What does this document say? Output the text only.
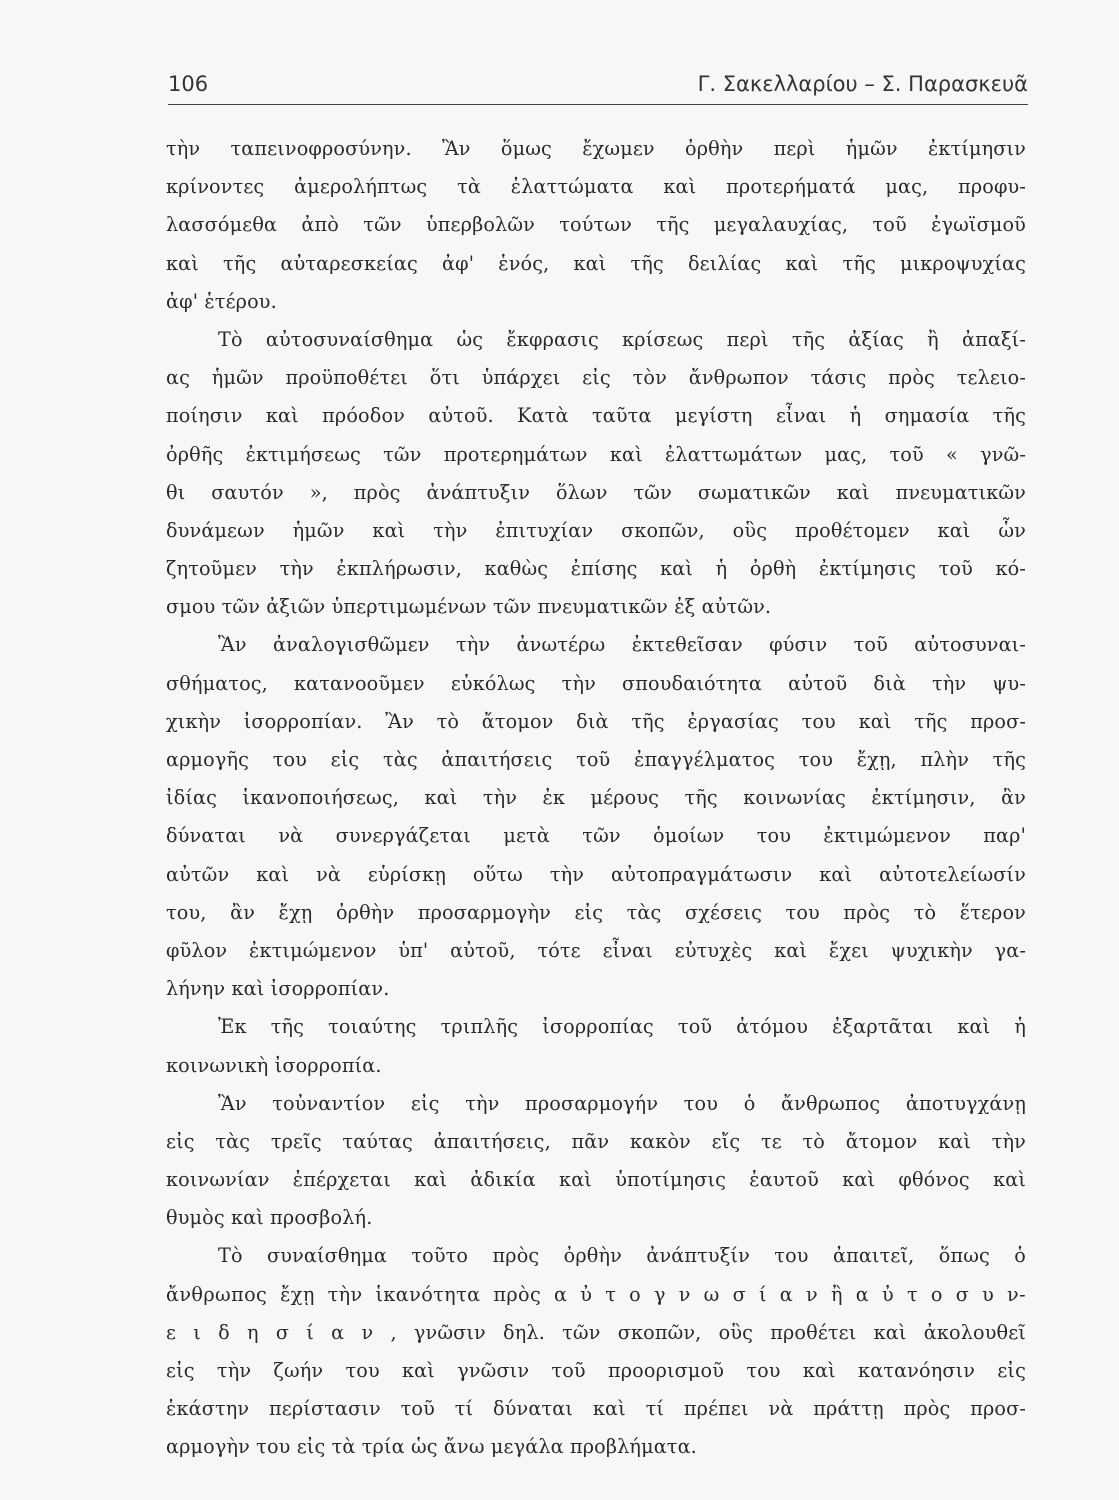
106	Γ. Σακελλαρίου – Σ. Παρασκευᾶ
τὴν ταπεινοφροσύνην. Ἂν ὅμως ἔχωμεν ὀρθὴν περὶ ἡμῶν ἐκτίμησιν
κρίνοντες ἀμερολήπτως τὰ ἐλαττώματα καὶ προτερήματά μας, προφυ-
λασσόμεθα ἀπὸ τῶν ὑπερβολῶν τούτων τῆς μεγαλαυχίας, τοῦ ἐγωϊσμοῦ
καὶ τῆς αὐταρεσκείας ἀφ' ἑνός, καὶ τῆς δειλίας καὶ τῆς μικροψυχίας
ἀφ' ἑτέρου.
Τὸ αὐτοσυναίσθημα ὡς ἔκφρασις κρίσεως περὶ τῆς ἀξίας ἢ ἀπαξί-
ας ἡμῶν προϋποθέτει ὅτι ὑπάρχει εἰς τὸν ἄνθρωπον τάσις πρὸς τελειο-
ποίησιν καὶ πρόοδον αὐτοῦ. Κατὰ ταῦτα μεγίστη εἶναι ἡ σημασία τῆς
ὀρθῆς ἐκτιμήσεως τῶν προτερημάτων καὶ ἐλαττωμάτων μας, τοῦ « γνῶ-
θι σαυτόν », πρὸς ἀνάπτυξιν ὅλων τῶν σωματικῶν καὶ πνευματικῶν
δυνάμεων ἡμῶν καὶ τὴν ἐπιτυχίαν σκοπῶν, οὓς προθέτομεν καὶ ὧν
ζητοῦμεν τὴν ἐκπλήρωσιν, καθὼς ἐπίσης καὶ ἡ ὀρθὴ ἐκτίμησις τοῦ κό-
σμου τῶν ἀξιῶν ὑπερτιμωμένων τῶν πνευματικῶν ἐξ αὐτῶν.
Ἂν ἀναλογισθῶμεν τὴν ἀνωτέρω ἐκτεθεῖσαν φύσιν τοῦ αὐτοσυναι-
σθήματος, κατανοοῦμεν εὐκόλως τὴν σπουδαιότητα αὐτοῦ διὰ τὴν ψυ-
χικὴν ἰσορροπίαν. Ἂν τὸ ἄτομον διὰ τῆς ἐργασίας του καὶ τῆς προσ-
αρμογῆς του εἰς τὰς ἀπαιτήσεις τοῦ ἐπαγγέλματος του ἔχῃ, πλὴν τῆς
ἰδίας ἱκανοποιήσεως, καὶ τὴν ἐκ μέρους τῆς κοινωνίας ἐκτίμησιν, ἂν
δύναται νὰ συνεργάζεται μετὰ τῶν ὁμοίων του ἐκτιμώμενον παρ'
αὐτῶν καὶ νὰ εὑρίσκῃ οὕτω τὴν αὐτοπραγμάτωσιν καὶ αὐτοτελείωσίν
του, ἂν ἔχῃ ὀρθὴν προσαρμογὴν εἰς τὰς σχέσεις του πρὸς τὸ ἕτερον
φῦλον ἐκτιμώμενον ὑπ' αὐτοῦ, τότε εἶναι εὐτυχὲς καὶ ἔχει ψυχικὴν γα-
λήνην καὶ ἰσορροπίαν.
Ἐκ τῆς τοιαύτης τριπλῆς ἰσορροπίας τοῦ ἀτόμου ἐξαρτᾶται καὶ ἡ
κοινωνικὴ ἰσορροπία.
Ἂν τοὐναντίον εἰς τὴν προσαρμογήν του ὁ ἄνθρωπος ἀποτυγχάνῃ
εἰς τὰς τρεῖς ταύτας ἀπαιτήσεις, πᾶν κακὸν εἴς τε τὸ ἄτομον καὶ τὴν
κοινωνίαν ἐπέρχεται καὶ ἀδικία καὶ ὑποτίμησις ἑαυτοῦ καὶ φθόνος καὶ
θυμὸς καὶ προσβολή.
Τὸ συναίσθημα τοῦτο πρὸς ὀρθὴν ἀνάπτυξίν του ἀπαιτεῖ, ὅπως ὁ
ἄνθρωπος ἔχῃ τὴν ἱκανότητα πρὸς α ὐ τ ο γ ν ω σ ί α ν ἢ α ὐ τ ο σ υ ν-
ε ι δ η σ ί α ν , γνῶσιν δηλ. τῶν σκοπῶν, οὓς προθέτει καὶ ἀκολουθεῖ
εἰς τὴν ζωήν του καὶ γνῶσιν τοῦ προορισμοῦ του καὶ κατανόησιν εἰς
ἑκάστην περίστασιν τοῦ τί δύναται καὶ τί πρέπει νὰ πράττῃ πρὸς προσ-
αρμογὴν του εἰς τὰ τρία ὡς ἄνω μεγάλα προβλήματα.
